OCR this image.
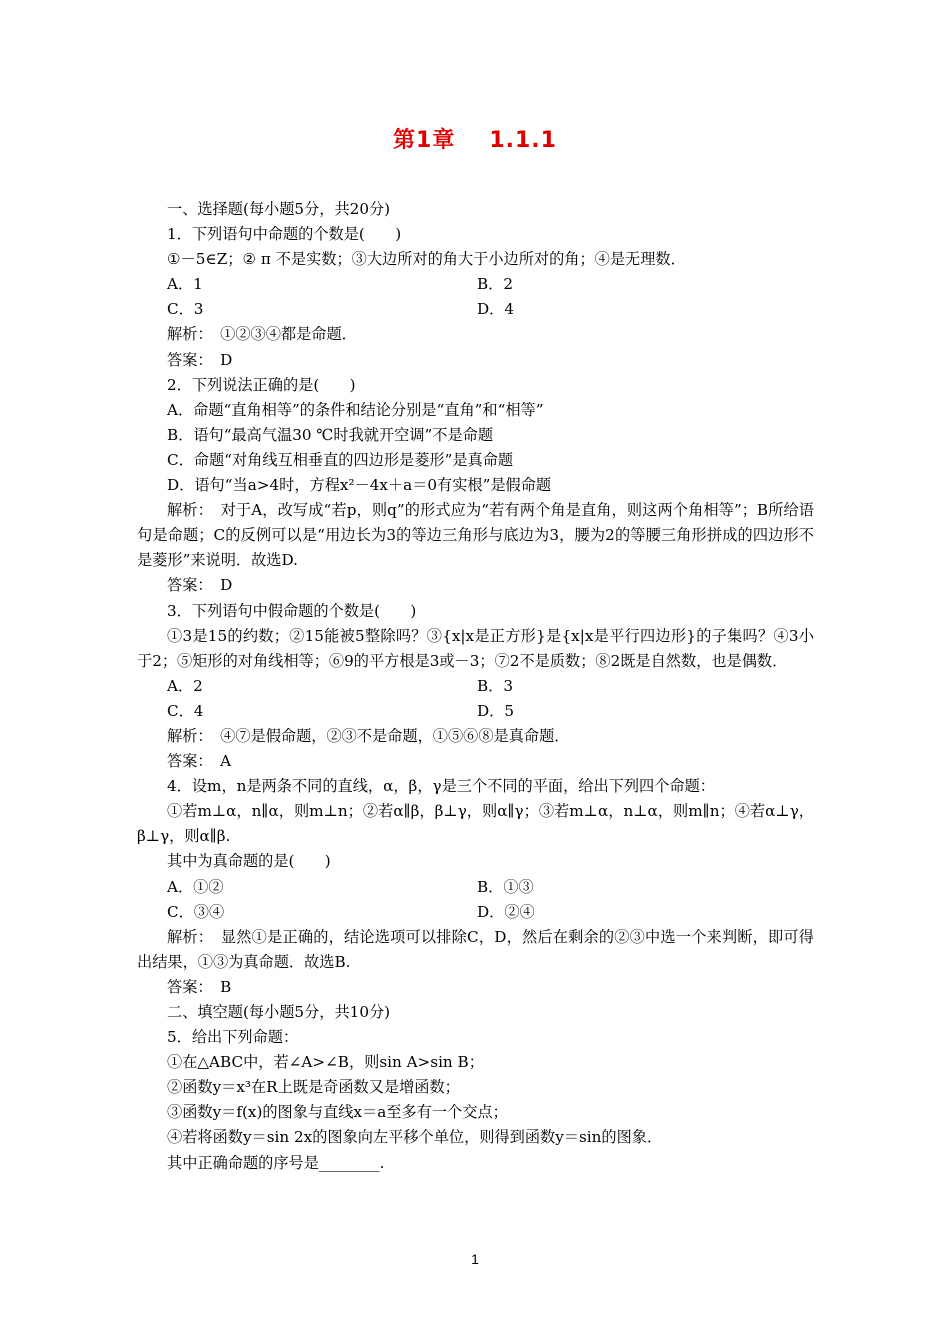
第1章 1.1.1
一、选择题(每小题5分，共20分)
1．下列语句中命题的个数是(　　)
①－5∈Z；② π 不是实数；③大边所对的角大于小边所对的角；④是无理数．
A．1	B．2
C．3	D．4
解析：　①②③④都是命题．
答案：　D
2．下列说法正确的是(　　)
A．命题“直角相等”的条件和结论分别是“直角”和“相等”
B．语句“最高气温30 ℃时我就开空调”不是命题
C．命题“对角线互相垂直的四边形是菱形”是真命题
D．语句“当a>4时，方程x²－4x＋a＝0有实根”是假命题
解析：　对于A，改写成“若p，则q”的形式应为“若有两个角是直角，则这两个角相等”；B所给语句是命题；C的反例可以是“用边长为3的等边三角形与底边为3，腰为2的等腰三角形拼成的四边形不是菱形”来说明．故选D.
答案：　D
3．下列语句中假命题的个数是(　　)
①3是15的约数；②15能被5整除吗？③{x|x是正方形}是{x|x是平行四边形}的子集吗？④3小于2；⑤矩形的对角线相等；⑥9的平方根是3或－3；⑦2不是质数；⑧2既是自然数，也是偶数．
A．2	B．3
C．4	D．5
解析：　④⑦是假命题，②③不是命题，①⑤⑥⑧是真命题．
答案：　A
4．设m，n是两条不同的直线，α，β，γ是三个不同的平面，给出下列四个命题：
①若m⊥α，n∥α，则m⊥n；②若α∥β，β⊥γ，则α∥γ；③若m⊥α，n⊥α，则m∥n；④若α⊥γ，β⊥γ，则α∥β.
其中为真命题的是(　　)
A．①②	B．①③
C．③④	D．②④
解析：　显然①是正确的，结论选项可以排除C，D，然后在剩余的②③中选一个来判断，即可得出结果，①③为真命题．故选B.
答案：　B
二、填空题(每小题5分，共10分)
5．给出下列命题：
①在△ABC中，若∠A>∠B，则sin A>sin B；
②函数y＝x³在R上既是奇函数又是增函数；
③函数y＝f(x)的图象与直线x＝a至多有一个交点；
④若将函数y＝sin 2x的图象向左平移个单位，则得到函数y＝sin的图象．
其中正确命题的序号是________.
1
